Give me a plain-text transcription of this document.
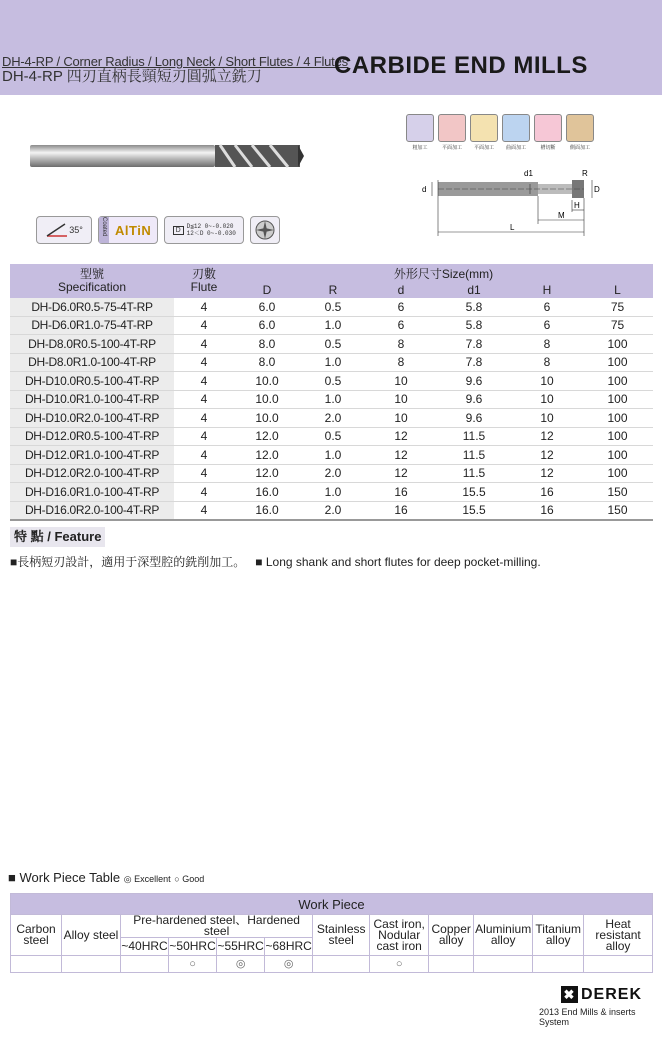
DH-4-RP / Corner Radius / Long Neck / Short Flutes / 4 Flutes
DH-4-RP 四刃直柄長頸短刃圓弧立銑刀	CARBIDE END MILLS
粗加工	平面加工	平面加工	曲面加工	槽切斷	側面加工
d1	R
d	D
H
M
L
35°	Coated AlTiN	D	D≦12 0~-0.020
12＜D 0~-0.030
型號
Specification	刃數
Flute	外形尺寸Size(mm)					
		D	R	d	d1	H	L
DH-D6.0R0.5-75-4T-RP	4	6.0	0.5	6	5.8	6	75
DH-D6.0R1.0-75-4T-RP	4	6.0	1.0	6	5.8	6	75
DH-D8.0R0.5-100-4T-RP	4	8.0	0.5	8	7.8	8	100
DH-D8.0R1.0-100-4T-RP	4	8.0	1.0	8	7.8	8	100
DH-D10.0R0.5-100-4T-RP	4	10.0	0.5	10	9.6	10	100
DH-D10.0R1.0-100-4T-RP	4	10.0	1.0	10	9.6	10	100
DH-D10.0R2.0-100-4T-RP	4	10.0	2.0	10	9.6	10	100
DH-D12.0R0.5-100-4T-RP	4	12.0	0.5	12	11.5	12	100
DH-D12.0R1.0-100-4T-RP	4	12.0	1.0	12	11.5	12	100
DH-D12.0R2.0-100-4T-RP	4	12.0	2.0	12	11.5	12	100
DH-D16.0R1.0-100-4T-RP	4	16.0	1.0	16	15.5	16	150
DH-D16.0R2.0-100-4T-RP	4	16.0	2.0	16	15.5	16	150
特 點 / Feature
■長柄短刃設計，適用于深型腔的銑削加工。 ■ Long shank and short flutes for deep pocket-milling.
■ Work Piece Table ◎ Excellent ○ Good
Work Piece											
Carbon steel	Alloy steel	Pre-hardened steel、Hardened steel				Stainless steel	Cast iron, Nodular cast iron	Copper alloy	Aluminium alloy	Titanium alloy	Heat resistant alloy
		~40HRC	~50HRC	~55HRC	~68HRC						
			○	◎	◎		○				
✖ DEREK
2013 End Mills & inserts System
